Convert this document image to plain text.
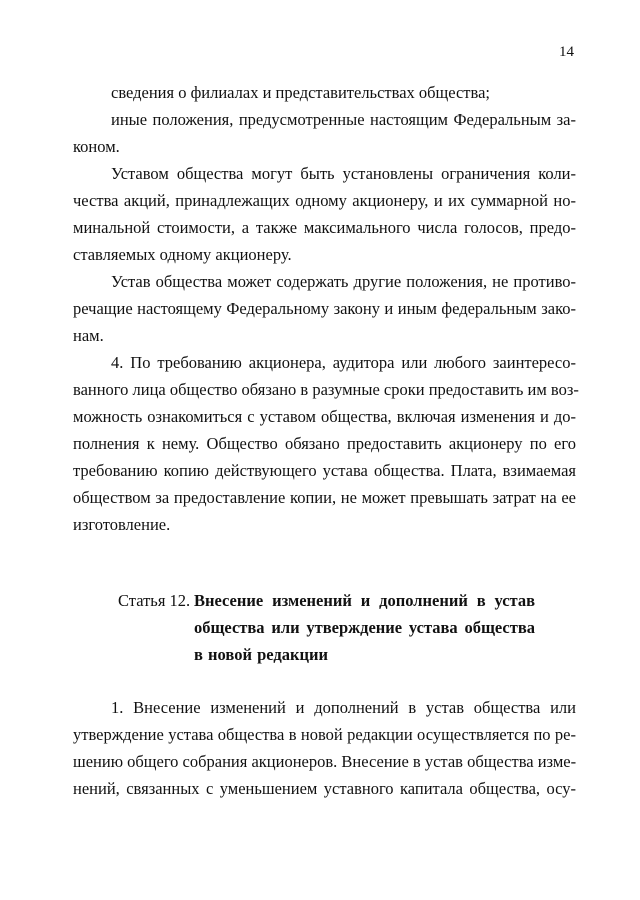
14
сведения о филиалах и представительствах общества;
иные положения, предусмотренные настоящим Федеральным за-
коном.
Уставом общества могут быть установлены ограничения коли-
чества акций, принадлежащих одному акционеру, и их суммарной но-
минальной стоимости, а также максимального числа голосов, предо-
ставляемых одному акционеру.
Устав общества может содержать другие положения, не противо-
речащие настоящему Федеральному закону и иным федеральным зако-
нам.
4. По требованию акционера, аудитора или любого заинтересо-
ванного лица общество обязано в разумные сроки предоставить им воз-
можность ознакомиться с уставом общества, включая изменения и до-
полнения к нему. Общество обязано предоставить акционеру по его
требованию копию действующего устава общества. Плата, взимаемая
обществом за предоставление копии, не может превышать затрат на ее
изготовление.
Статья 12. Внесение изменений и дополнений в устав
общества или утверждение устава общества
в новой редакции
1. Внесение изменений и дополнений в устав общества или
утверждение устава общества в новой редакции осуществляется по ре-
шению общего собрания акционеров. Внесение в устав общества изме-
нений, связанных с уменьшением уставного капитала общества, осу-
